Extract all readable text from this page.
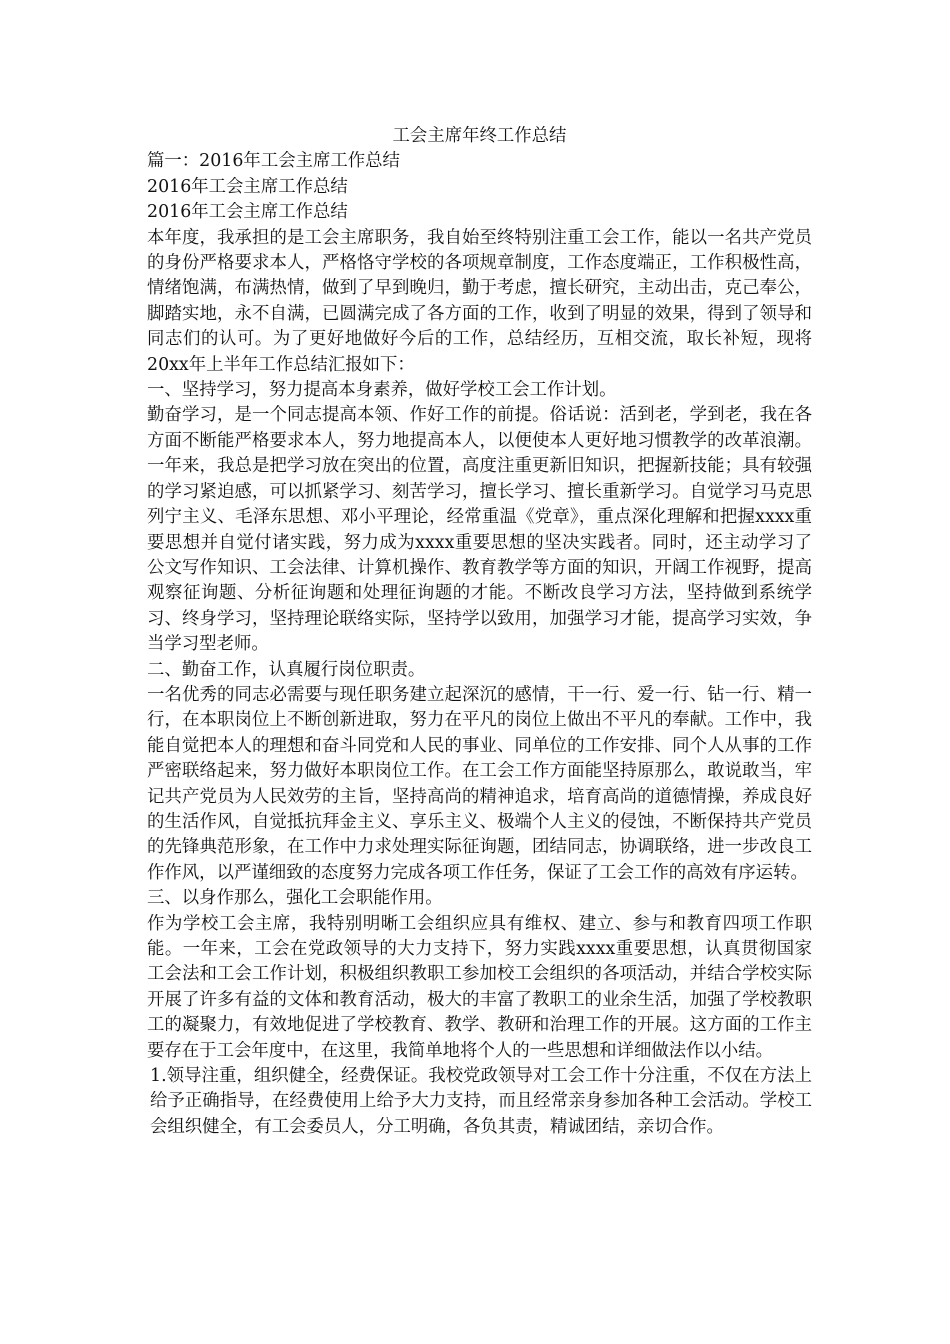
工会主席年终工作总结

篇一：2016年工会主席工作总结

2016年工会主席工作总结

2016年工会主席工作总结

本年度，我承担的是工会主席职务，我自始至终特别注重工会工作，能以一名共产党员的身份严格要求本人，严格恪守学校的各项规章制度，工作态度端正，工作积极性高，情绪饱满，布满热情，做到了早到晚归，勤于考虑，擅长研究，主动出击，克己奉公，脚踏实地，永不自满，已圆满完成了各方面的工作，收到了明显的效果，得到了领导和同志们的认可。为了更好地做好今后的工作，总结经历，互相交流，取长补短，现将20xx年上半年工作总结汇报如下：

一、坚持学习，努力提高本身素养，做好学校工会工作计划。

勤奋学习，是一个同志提高本领、作好工作的前提。俗话说：活到老，学到老，我在各方面不断能严格要求本人，努力地提高本人，以便使本人更好地习惯教学的改革浪潮。一年来，我总是把学习放在突出的位置，高度注重更新旧知识，把握新技能；具有较强的学习紧迫感，可以抓紧学习、刻苦学习，擅长学习、擅长重新学习。自觉学习马克思列宁主义、毛泽东思想、邓小平理论，经常重温《党章》，重点深化理解和把握xxxx重要思想并自觉付诸实践，努力成为xxxx重要思想的坚决实践者。同时，还主动学习了公文写作知识、工会法律、计算机操作、教育教学等方面的知识，开阔工作视野，提高观察征询题、分析征询题和处理征询题的才能。不断改良学习方法，坚持做到系统学习、终身学习，坚持理论联络实际，坚持学以致用，加强学习才能，提高学习实效，争当学习型老师。

二、勤奋工作，认真履行岗位职责。

一名优秀的同志必需要与现任职务建立起深沉的感情，干一行、爱一行、钻一行、精一行，在本职岗位上不断创新进取，努力在平凡的岗位上做出不平凡的奉献。工作中，我能自觉把本人的理想和奋斗同党和人民的事业、同单位的工作安排、同个人从事的工作严密联络起来，努力做好本职岗位工作。在工会工作方面能坚持原那么，敢说敢当，牢记共产党员为人民效劳的主旨，坚持高尚的精神追求，培育高尚的道德情操，养成良好的生活作风，自觉抵抗拜金主义、享乐主义、极端个人主义的侵蚀，不断保持共产党员的先锋典范形象，在工作中力求处理实际征询题，团结同志，协调联络，进一步改良工作作风，以严谨细致的态度努力完成各项工作任务，保证了工会工作的高效有序运转。

三、以身作那么，强化工会职能作用。

作为学校工会主席，我特别明晰工会组织应具有维权、建立、参与和教育四项工作职能。一年来，工会在党政领导的大力支持下，努力实践xxxx重要思想，认真贯彻国家工会法和工会工作计划，积极组织教职工参加校工会组织的各项活动，并结合学校实际开展了许多有益的文体和教育活动，极大的丰富了教职工的业余生活，加强了学校教职工的凝聚力，有效地促进了学校教育、教学、教研和治理工作的开展。这方面的工作主要存在于工会年度中，在这里，我简单地将个人的一些思想和详细做法作以小结。

1.领导注重，组织健全，经费保证。我校党政领导对工会工作十分注重，不仅在方法上给予正确指导，在经费使用上给予大力支持，而且经常亲身参加各种工会活动。学校工会组织健全，有工会委员人，分工明确，各负其责，精诚团结，亲切合作。
